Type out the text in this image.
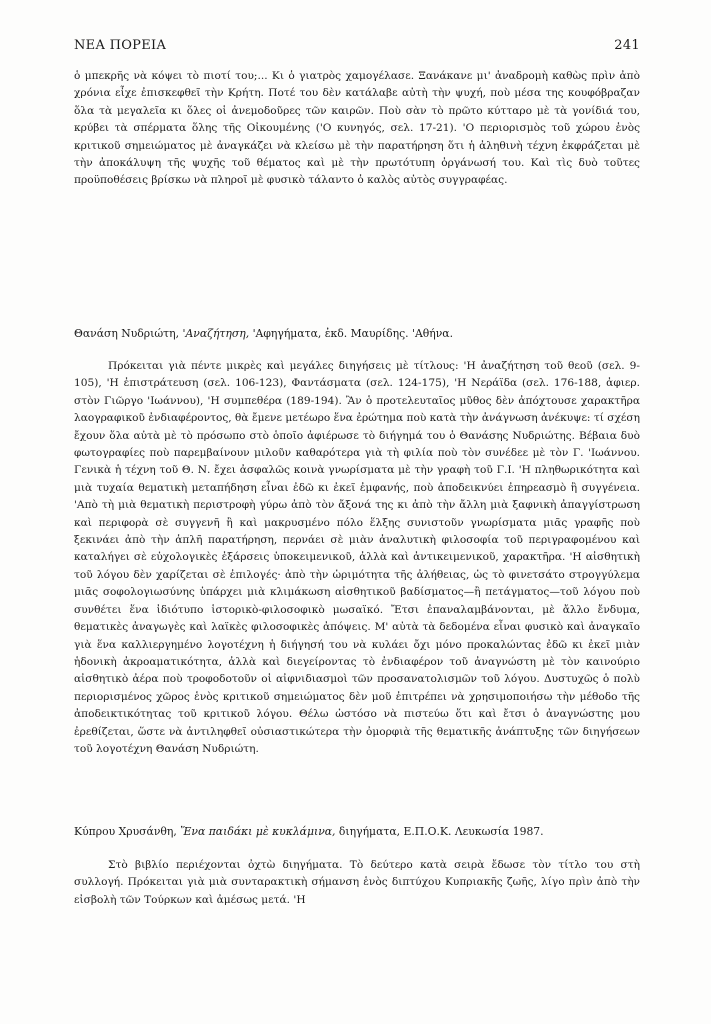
ΝΕΑ ΠΟΡΕΙΑ	241

ὁ μπεκρῆς νὰ κόψει τὸ πιοτί του;... Κι ὁ γιατρὸς χαμογέλασε. Ξανάκανε μι' ἀναδρομὴ καθὼς πρὶν ἀπὸ χρόνια εἶχε ἐπισκεφθεῖ τὴν Κρήτη. Ποτέ του δὲν κατάλαβε αὐτὴ τὴν ψυχή, ποὺ μέσα της κουφόβραζαν ὅλα τὰ μεγαλεῖα κι ὅλες οἱ ἀνεμοδοῦρες τῶν καιρῶν. Ποὺ σὰν τὸ πρῶτο κύτταρο μὲ τὰ γονίδιά του, κρύβει τὰ σπέρματα ὅλης τῆς Οἰκουμένης ('Ο κυνηγός, σελ. 17-21). 'Ο περιορισμὸς τοῦ χώρου ἑνὸς κριτικοῦ σημειώματος μὲ ἀναγκάζει νὰ κλείσω μὲ τὴν παρατήρηση ὅτι ἡ ἀληθινὴ τέχνη ἐκφράζεται μὲ τὴν ἀποκάλυψη τῆς ψυχῆς τοῦ θέματος καὶ μὲ τὴν πρωτότυπη ὀργάνωσή του. Καὶ τὶς δυὸ τοῦτες προϋποθέσεις βρίσκω νὰ πληροῖ μὲ φυσικὸ τάλαντο ὁ καλὸς αὐτὸς συγγραφέας.

Θανάση Νυδριώτη, 'Αναζήτηση, 'Αφηγήματα, ἐκδ. Μαυρίδης. 'Αθήνα.

Πρόκειται γιὰ πέντε μικρὲς καὶ μεγάλες διηγήσεις μὲ τίτλους: 'Η ἀναζήτηση τοῦ θεοῦ (σελ. 9-105), 'Η ἐπιστράτευση (σελ. 106-123), Φαντάσματα (σελ. 124-175), 'Η Νεράϊδα (σελ. 176-188, ἀφιερ. στὸν Γιῶργο 'Ιωάννου), 'Η συμπεθέρα (189-194). Ἂν ὁ προτελευταῖος μῦθος δὲν ἀπόχτουσε χαρακτῆρα λαογραφικοῦ ἐνδιαφέροντος, θὰ ἔμενε μετέωρο ἕνα ἐρώτημα ποὺ κατὰ τὴν ἀνάγνωση ἀνέκυψε: τί σχέση ἔχουν ὅλα αὐτὰ μὲ τὸ πρόσωπο στὸ ὁποῖο ἀφιέρωσε τὸ διήγημά του ὁ Θανάσης Νυδριώτης. Βέβαια δυὸ φωτογραφίες ποὺ παρεμβαίνουν μιλοῦν καθαρότερα γιὰ τὴ φιλία ποὺ τὸν συνέδεε μὲ τὸν Γ. 'Ιωάννου. Γενικὰ ἡ τέχνη τοῦ Θ. Ν. ἔχει ἀσφαλῶς κοινὰ γνωρίσματα μὲ τὴν γραφὴ τοῦ Γ.Ι. 'Η πληθωρικότητα καὶ μιὰ τυχαία θεματικὴ μεταπήδηση εἶναι ἐδῶ κι ἐκεῖ ἐμφανής, ποὺ ἀποδεικνύει ἐπηρεασμὸ ἢ συγγένεια. 'Απὸ τὴ μιὰ θεματικὴ περιστροφὴ γύρω ἀπὸ τὸν ἄξονά της κι ἀπὸ τὴν ἄλλη μιὰ ξαφνικὴ ἀπαγγίστρωση καὶ περιφορὰ σὲ συγγενῆ ἢ καὶ μακρυσμένο πόλο ἕλξης συνιστοῦν γνωρίσματα μιᾶς γραφῆς ποὺ ξεκινάει ἀπὸ τὴν ἁπλῆ παρατήρηση, περνάει σὲ μιὰν ἀναλυτικὴ φιλοσοφία τοῦ περιγραφομένου καὶ καταλήγει σὲ εὐχολογικὲς ἐξάρσεις ὑποκειμενικοῦ, ἀλλὰ καὶ ἀντικειμενικοῦ, χαρακτῆρα. 'Η αἰσθητικὴ τοῦ λόγου δὲν χαρίζεται σὲ ἐπιλογές· ἀπὸ τὴν ὡριμότητα τῆς ἀλήθειας, ὡς τὸ φινετσάτο στρογγύλεμα μιᾶς σοφολογιωσύνης ὑπάρχει μιὰ κλιμάκωση αἰσθητικοῦ βαδίσματος—ἢ πετάγματος—τοῦ λόγου ποὺ συνθέτει ἕνα ἰδιότυπο ἱστορικὸ-φιλοσοφικὸ μωσαϊκό. Ἔτσι ἐπαναλαμβάνονται, μὲ ἄλλο ἔνδυμα, θεματικὲς ἀναγωγὲς καὶ λαϊκὲς φιλοσοφικὲς ἀπόψεις. Μ' αὐτὰ τὰ δεδομένα εἶναι φυσικὸ καὶ ἀναγκαῖο γιὰ ἕνα καλλιεργημένο λογοτέχνη ἡ διήγησή του νὰ κυλάει ὄχι μόνο προκαλώντας ἐδῶ κι ἐκεῖ μιὰν ἡδονικὴ ἀκροαματικότητα, ἀλλὰ καὶ διεγείροντας τὸ ἐνδιαφέρον τοῦ ἀναγνώστη μὲ τὸν καινούριο αἰσθητικὸ ἀέρα ποὺ τροφοδοτοῦν οἱ αἰφνιδιασμοὶ τῶν προσανατολισμῶν τοῦ λόγου. Δυστυχῶς ὁ πολὺ περιορισμένος χῶρος ἑνὸς κριτικοῦ σημειώματος δὲν μοῦ ἐπιτρέπει νὰ χρησιμοποιήσω τὴν μέθοδο τῆς ἀποδεικτικότητας τοῦ κριτικοῦ λόγου. Θέλω ὡστόσο νὰ πιστεύω ὅτι καὶ ἔτσι ὁ ἀναγνώστης μου ἐρεθίζεται, ὥστε νὰ ἀντιληφθεῖ οὐσιαστικώτερα τὴν ὀμορφιὰ τῆς θεματικῆς ἀνάπτυξης τῶν διηγήσεων τοῦ λογοτέχνη Θανάση Νυδριώτη.

Κύπρου Χρυσάνθη, Ἕνα παιδάκι μὲ κυκλάμινα, διηγήματα, Ε.Π.Ο.Κ. Λευκωσία 1987.

Στὸ βιβλίο περιέχονται ὀχτὼ διηγήματα. Τὸ δεύτερο κατὰ σειρὰ ἔδωσε τὸν τίτλο του στὴ συλλογή. Πρόκειται γιὰ μιὰ συνταρακτικὴ σήμανση ἑνὸς διπτύχου Κυπριακῆς ζωῆς, λίγο πρὶν ἀπὸ τὴν εἰσβολὴ τῶν Τούρκων καὶ ἀμέσως μετά. 'Η
